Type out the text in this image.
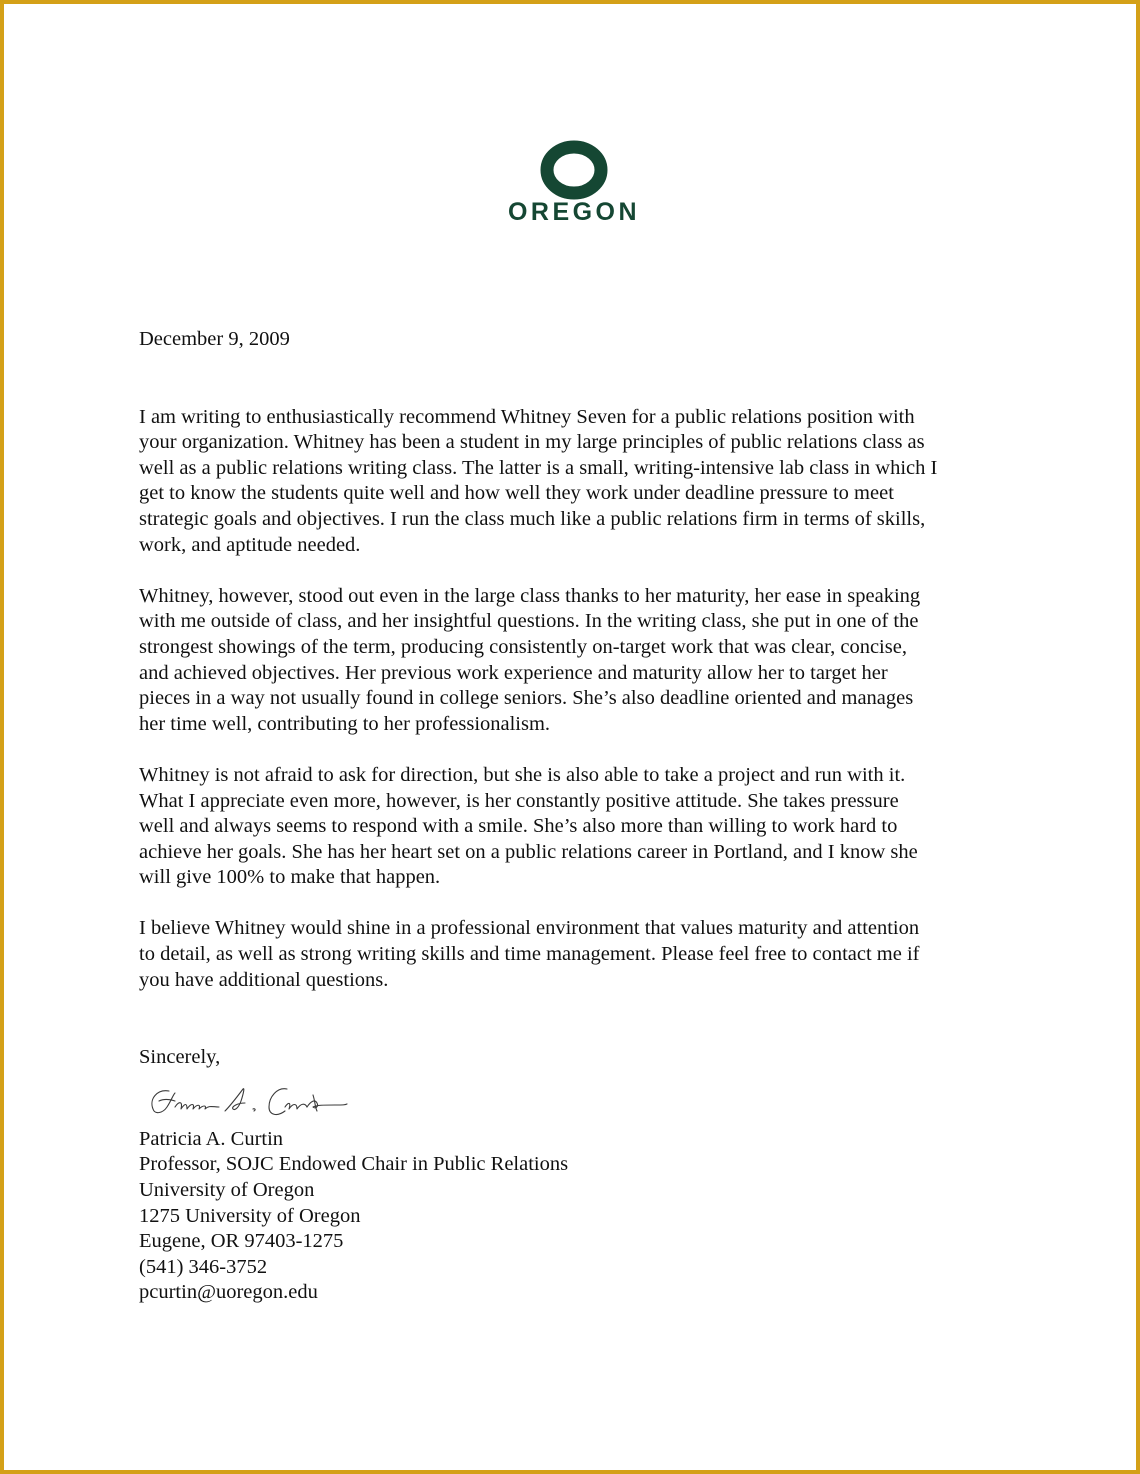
OREGON

December 9, 2009

I am writing to enthusiastically recommend Whitney Seven for a public relations position with
your organization. Whitney has been a student in my large principles of public relations class as
well as a public relations writing class. The latter is a small, writing-intensive lab class in which I
get to know the students quite well and how well they work under deadline pressure to meet
strategic goals and objectives. I run the class much like a public relations firm in terms of skills,
work, and aptitude needed.

Whitney, however, stood out even in the large class thanks to her maturity, her ease in speaking
with me outside of class, and her insightful questions. In the writing class, she put in one of the
strongest showings of the term, producing consistently on-target work that was clear, concise,
and achieved objectives. Her previous work experience and maturity allow her to target her
pieces in a way not usually found in college seniors. She’s also deadline oriented and manages
her time well, contributing to her professionalism.

Whitney is not afraid to ask for direction, but she is also able to take a project and run with it.
What I appreciate even more, however, is her constantly positive attitude. She takes pressure
well and always seems to respond with a smile. She’s also more than willing to work hard to
achieve her goals. She has her heart set on a public relations career in Portland, and I know she
will give 100% to make that happen.

I believe Whitney would shine in a professional environment that values maturity and attention
to detail, as well as strong writing skills and time management. Please feel free to contact me if
you have additional questions.

Sincerely,

Patricia A. Curtin
Professor, SOJC Endowed Chair in Public Relations
University of Oregon
1275 University of Oregon
Eugene, OR 97403-1275
(541) 346-3752
pcurtin@uoregon.edu
